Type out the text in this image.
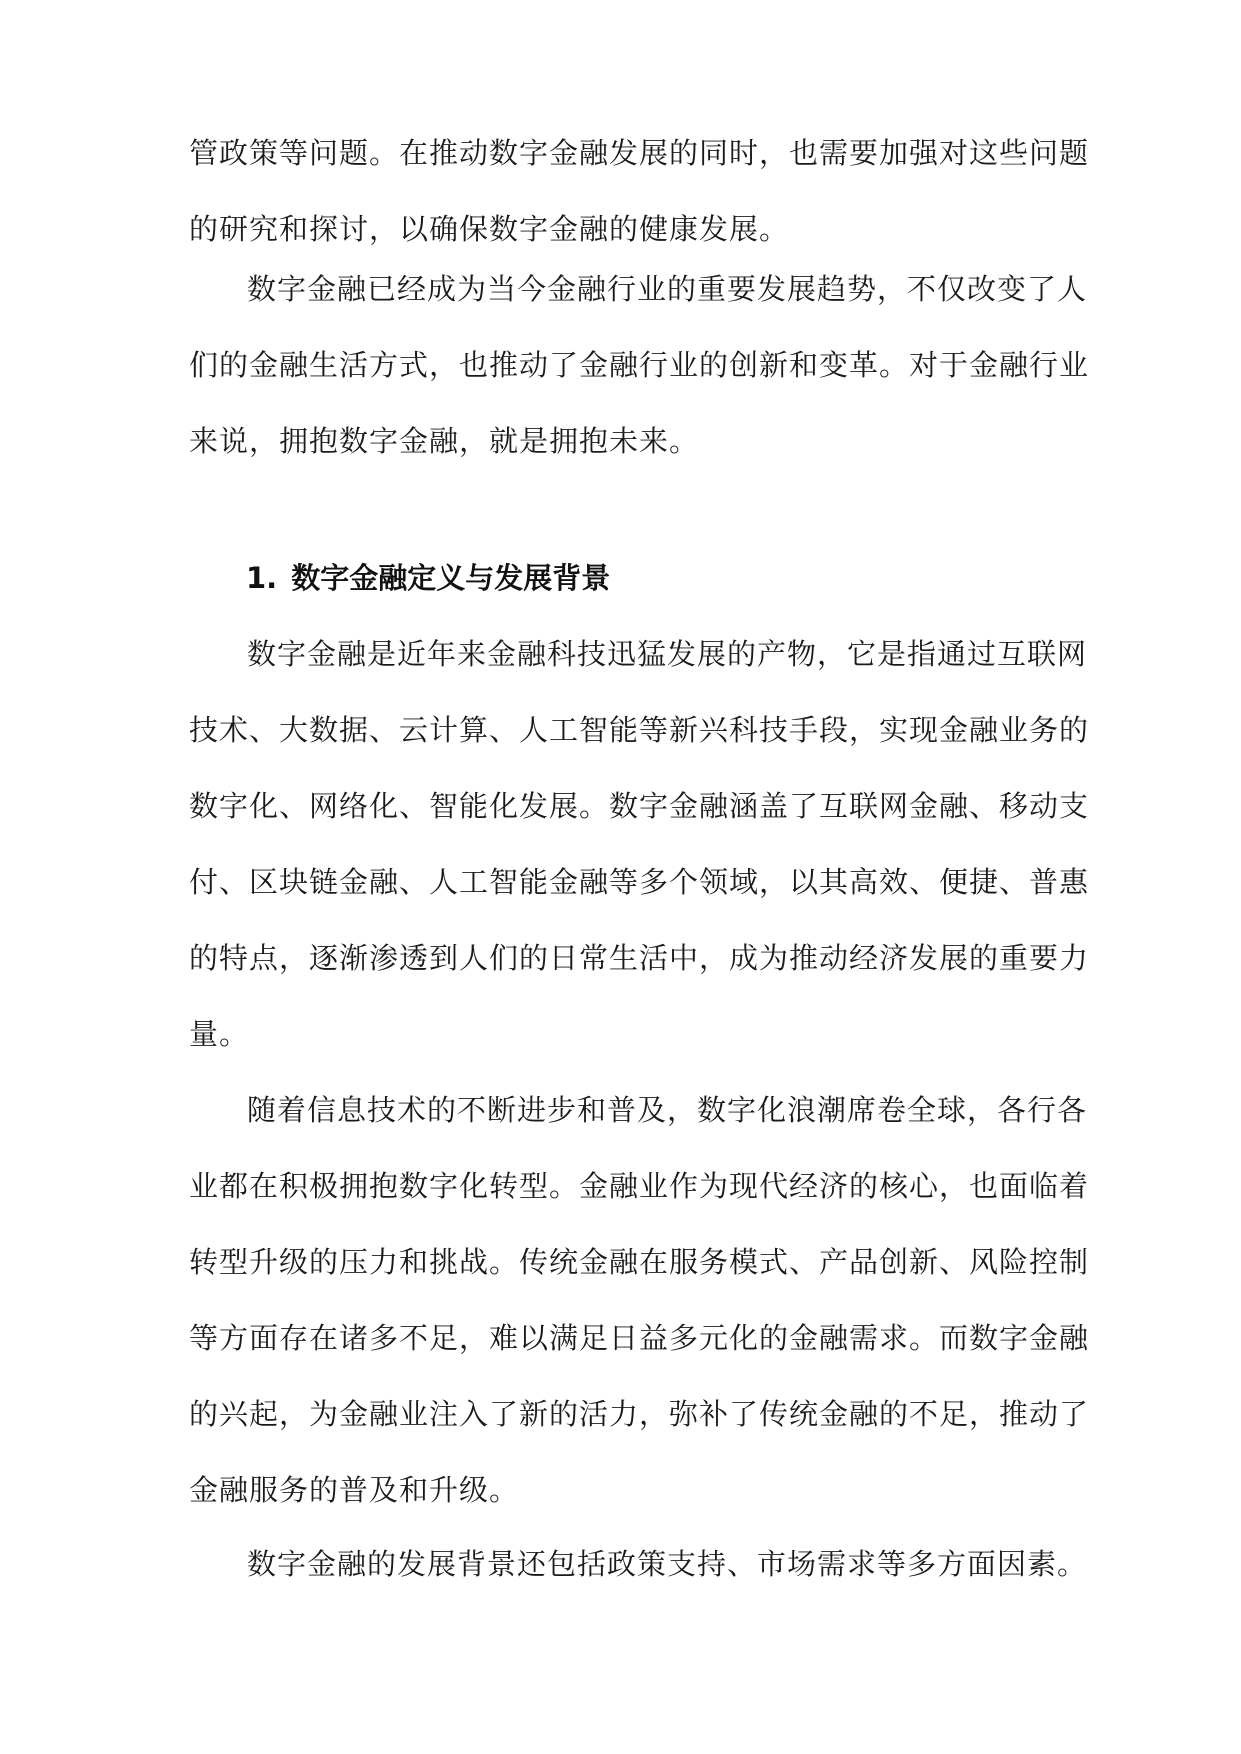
管政策等问题。在推动数字金融发展的同时，也需要加强对这些问题
的研究和探讨，以确保数字金融的健康发展。
数字金融已经成为当今金融行业的重要发展趋势，不仅改变了人
们的金融生活方式，也推动了金融行业的创新和变革。对于金融行业
来说，拥抱数字金融，就是拥抱未来。
1. 数字金融定义与发展背景
数字金融是近年来金融科技迅猛发展的产物，它是指通过互联网
技术、大数据、云计算、人工智能等新兴科技手段，实现金融业务的
数字化、网络化、智能化发展。数字金融涵盖了互联网金融、移动支
付、区块链金融、人工智能金融等多个领域，以其高效、便捷、普惠
的特点，逐渐渗透到人们的日常生活中，成为推动经济发展的重要力
量。
随着信息技术的不断进步和普及，数字化浪潮席卷全球，各行各
业都在积极拥抱数字化转型。金融业作为现代经济的核心，也面临着
转型升级的压力和挑战。传统金融在服务模式、产品创新、风险控制
等方面存在诸多不足，难以满足日益多元化的金融需求。而数字金融
的兴起，为金融业注入了新的活力，弥补了传统金融的不足，推动了
金融服务的普及和升级。
数字金融的发展背景还包括政策支持、市场需求等多方面因素。
